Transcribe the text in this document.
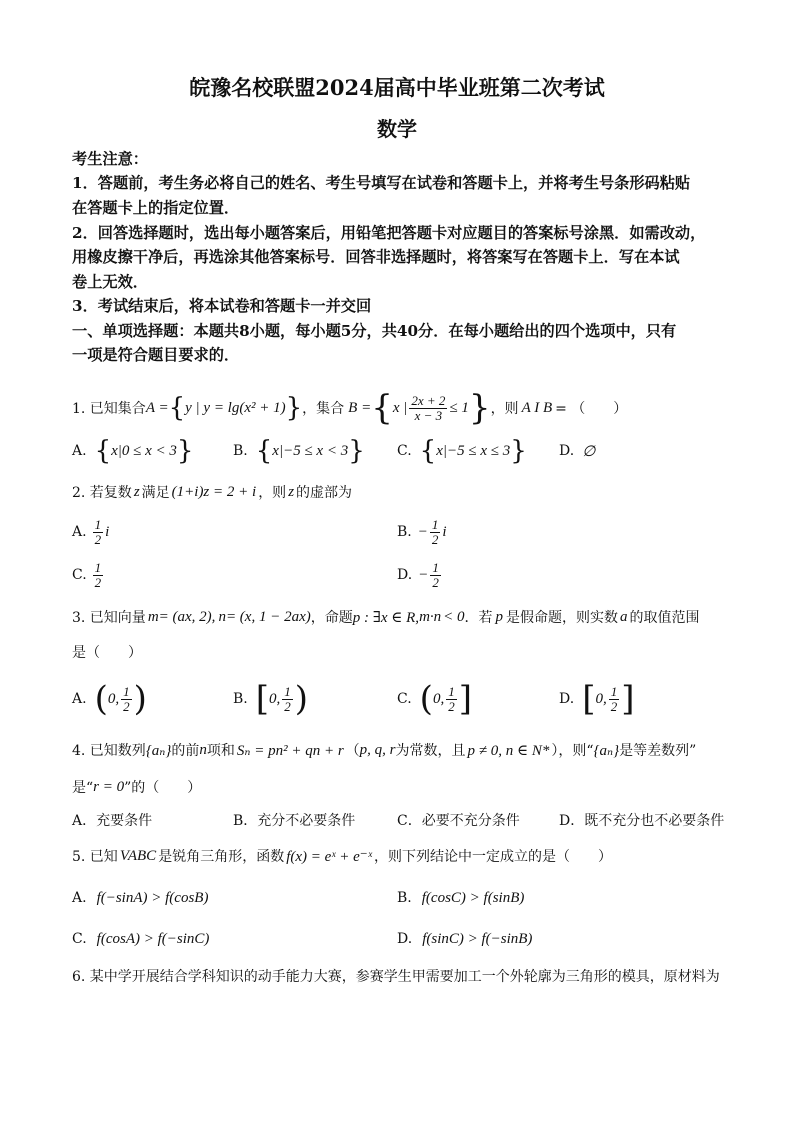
皖豫名校联盟2024届高中毕业班第二次考试
数学
考生注意：
1．答题前，考生务必将自己的姓名、考生号填写在试卷和答题卡上，并将考生号条形码粘贴
在答题卡上的指定位置．
2．回答选择题时，选出每小题答案后，用铅笔把答题卡对应题目的答案标号涂黑．如需改动，
用橡皮擦干净后，再选涂其他答案标号．回答非选择题时，将答案写在答题卡上．写在本试
卷上无效．
3．考试结束后，将本试卷和答题卡一并交回
一、单项选择题：本题共8小题，每小题5分，共40分．在每小题给出的四个选项中，只有
一项是符合题目要求的．
1. 已知集合 A = { y | y = lg(x² + 1) } ，集合 B = { x | $\frac{2x + 2}{x - 3} \le 1$ } ，则 A I B = （　　）
A. { x|0 ≤ x < 3 }	B. { x|−5 ≤ x < 3 } C. { x|−5 ≤ x ≤ 3 } D. ∅
2. 若复数 z 满足 (1+i)z = 2 + i ，则 z 的虚部为
A. $\frac{1}{2}$ i	B. − $\frac{1}{2}$ i
C. $\frac{1}{2}$	D. − $\frac{1}{2}$
3. 已知向量 m = (ax, 2), n = (x, 1 − 2ax) ，命题 p : ∃x ∈ R, m · n < 0 ．若 p 是假命题，则实数 a 的取值范围
是（　　）
A. ( 0, $\frac{1}{2}$ )	B. [ 0, $\frac{1}{2}$ )	C. ( 0, $\frac{1}{2}$ ]	D. [ 0, $\frac{1}{2}$ ]
4. 已知数列 {aₙ} 的前 n 项和 Sₙ = pn² + qn + r （ p, q, r 为常数，且 p ≠ 0, n ∈ N* ），则“ {aₙ} 是等差数列”
是“ r = 0 ”的（　　）
A．充要条件	B．充分不必要条件	C．必要不充分条件	D．既不充分也不必要条件
5. 已知 VABC 是锐角三角形，函数 f(x) = eˣ + e⁻ˣ ，则下列结论中一定成立的是（　　）
A. f(−sinA) > f(cosB)	B. f(cosC) > f(sinB)
C. f(cosA) > f(−sinC)	D. f(sinC) > f(−sinB)
6. 某中学开展结合学科知识的动手能力大赛，参赛学生甲需要加工一个外轮廓为三角形的模具，原材料为
